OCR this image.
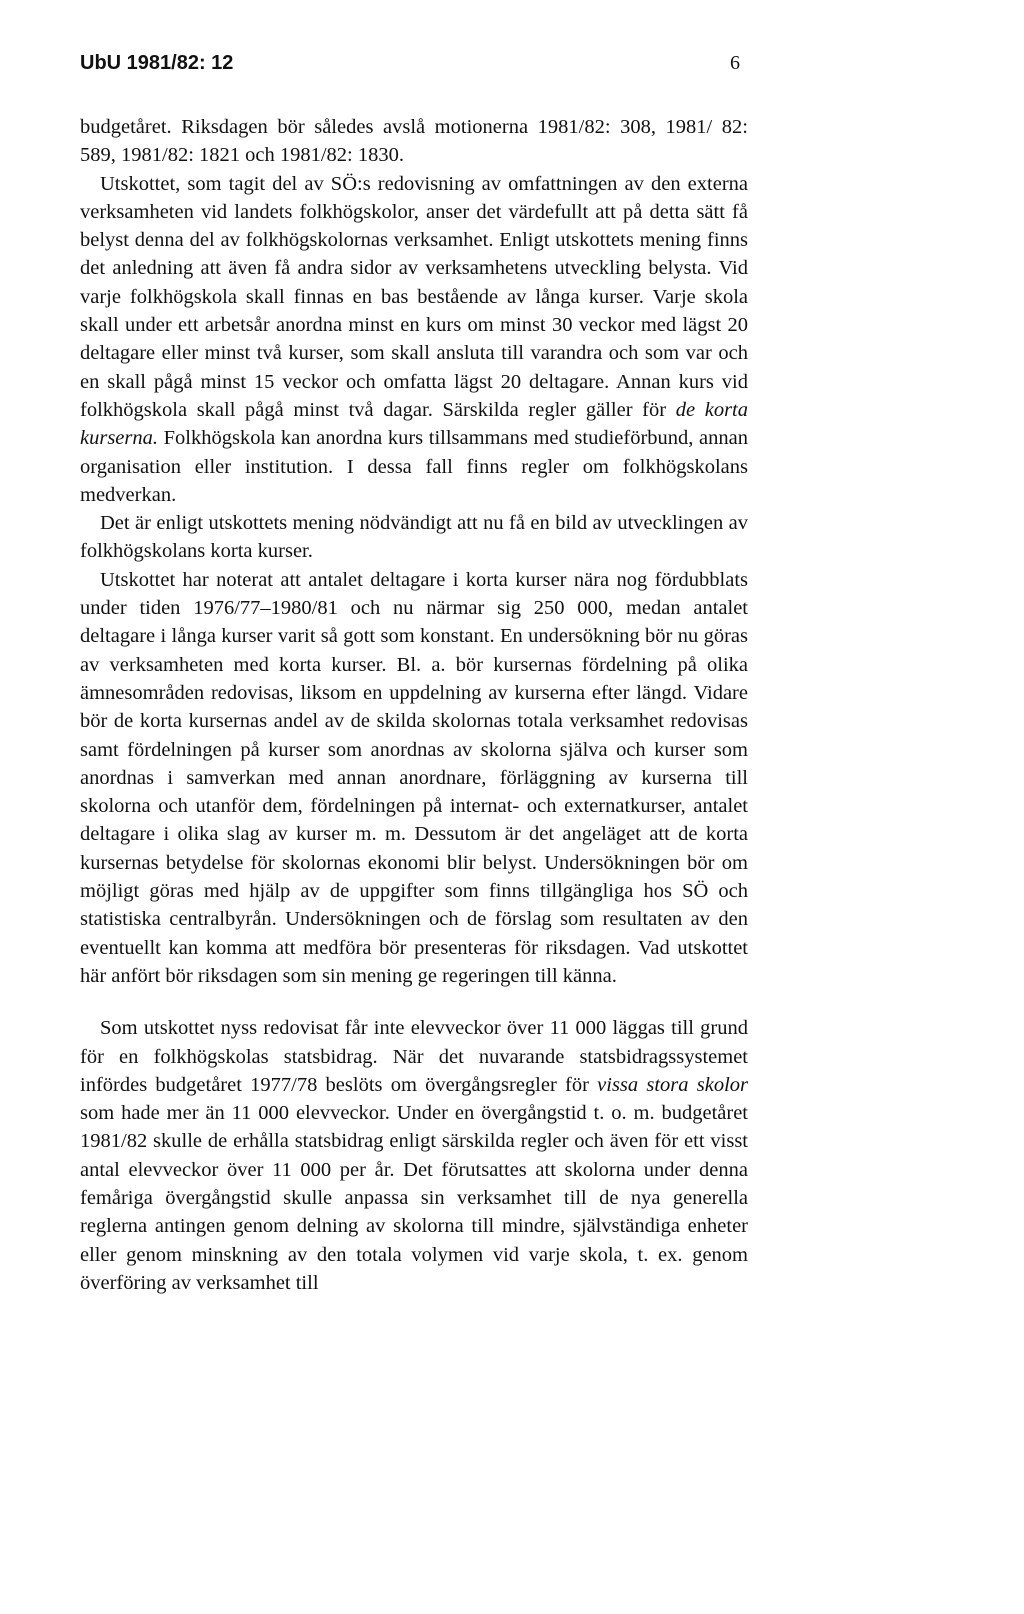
UbU 1981/82: 12	6

budgetåret. Riksdagen bör således avslå motionerna 1981/82: 308, 1981/ 82: 589, 1981/82: 1821 och 1981/82: 1830.

Utskottet, som tagit del av SÖ:s redovisning av omfattningen av den externa verksamheten vid landets folkhögskolor, anser det värdefullt att på detta sätt få belyst denna del av folkhögskolornas verksamhet. Enligt utskottets mening finns det anledning att även få andra sidor av verksamhetens utveckling belysta. Vid varje folkhögskola skall finnas en bas bestående av långa kurser. Varje skola skall under ett arbetsår anordna minst en kurs om minst 30 veckor med lägst 20 deltagare eller minst två kurser, som skall ansluta till varandra och som var och en skall pågå minst 15 veckor och omfatta lägst 20 deltagare. Annan kurs vid folkhögskola skall pågå minst två dagar. Särskilda regler gäller för de korta kurserna. Folkhögskola kan anordna kurs tillsammans med studieförbund, annan organisation eller institution. I dessa fall finns regler om folkhögskolans medverkan.

Det är enligt utskottets mening nödvändigt att nu få en bild av utvecklingen av folkhögskolans korta kurser.

Utskottet har noterat att antalet deltagare i korta kurser nära nog fördubblats under tiden 1976/77–1980/81 och nu närmar sig 250 000, medan antalet deltagare i långa kurser varit så gott som konstant. En undersökning bör nu göras av verksamheten med korta kurser. Bl. a. bör kursernas fördelning på olika ämnesområden redovisas, liksom en uppdelning av kurserna efter längd. Vidare bör de korta kursernas andel av de skilda skolornas totala verksamhet redovisas samt fördelningen på kurser som anordnas av skolorna själva och kurser som anordnas i samverkan med annan anordnare, förläggning av kurserna till skolorna och utanför dem, fördelningen på internat- och externatkurser, antalet deltagare i olika slag av kurser m. m. Dessutom är det angeläget att de korta kursernas betydelse för skolornas ekonomi blir belyst. Undersökningen bör om möjligt göras med hjälp av de uppgifter som finns tillgängliga hos SÖ och statistiska centralbyrån. Undersökningen och de förslag som resultaten av den eventuellt kan komma att medföra bör presenteras för riksdagen. Vad utskottet här anfört bör riksdagen som sin mening ge regeringen till känna.

Som utskottet nyss redovisat får inte elevveckor över 11 000 läggas till grund för en folkhögskolas statsbidrag. När det nuvarande statsbidragssystemet infördes budgetåret 1977/78 beslöts om övergångsregler för vissa stora skolor som hade mer än 11 000 elevveckor. Under en övergångstid t. o. m. budgetåret 1981/82 skulle de erhålla statsbidrag enligt särskilda regler och även för ett visst antal elevveckor över 11 000 per år. Det förutsattes att skolorna under denna femåriga övergångstid skulle anpassa sin verksamhet till de nya generella reglerna antingen genom delning av skolorna till mindre, självständiga enheter eller genom minskning av den totala volymen vid varje skola, t. ex. genom överföring av verksamhet till
